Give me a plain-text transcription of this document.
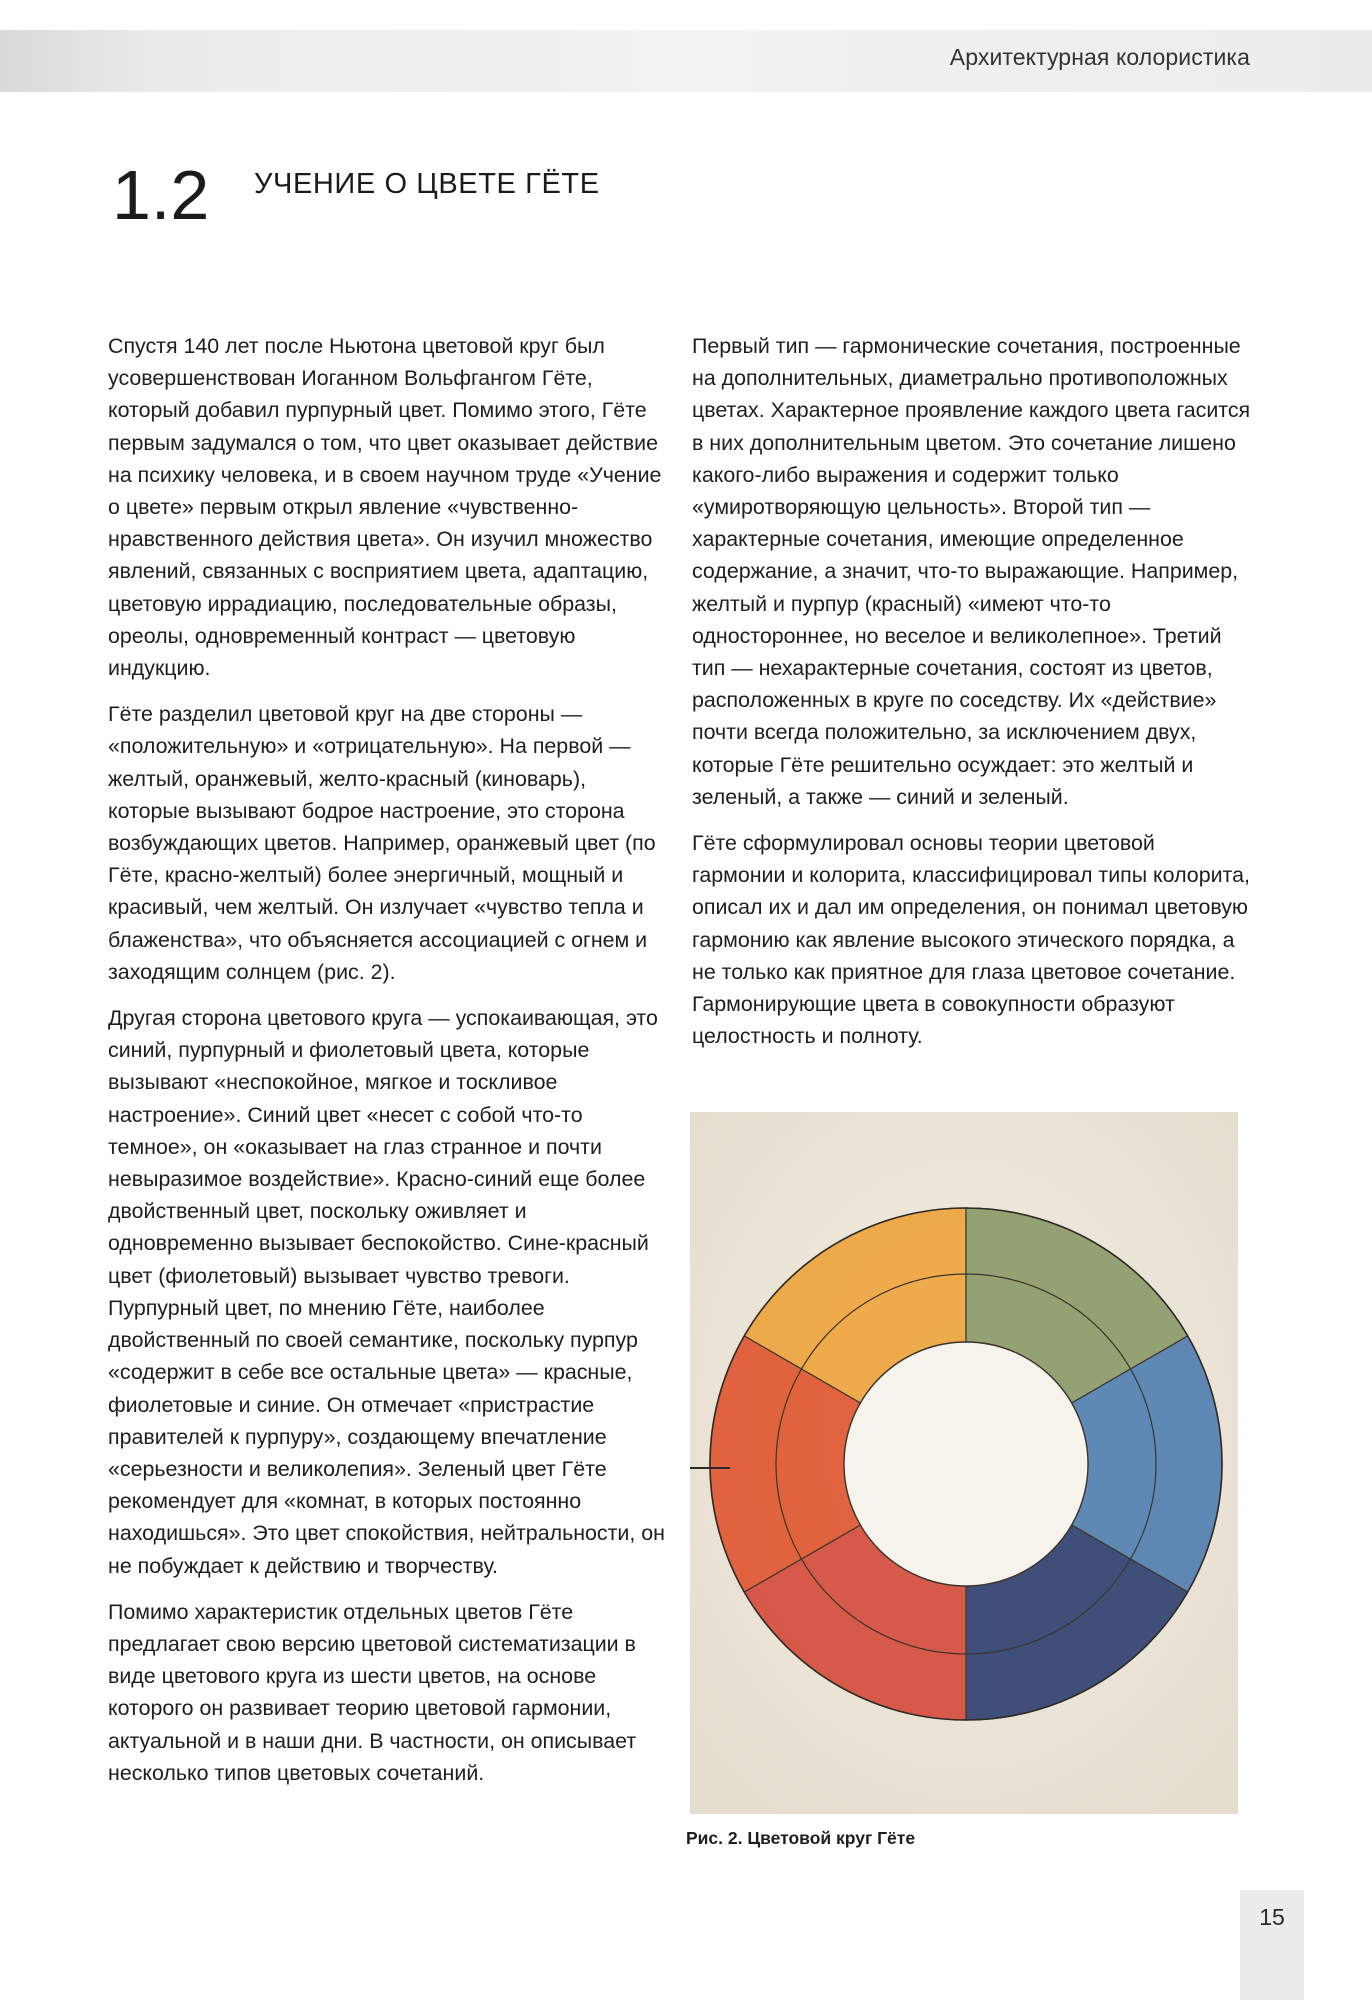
Архитектурная колористика
1.2 УЧЕНИЕ О ЦВЕТЕ ГЁТЕ

Спустя 140 лет после Ньютона цветовой круг был усовершенствован Иоганном Вольфгангом Гёте, который добавил пурпурный цвет. Помимо этого, Гёте первым задумался о том, что цвет оказывает действие на психику человека, и в своем научном труде «Учение о цвете» первым открыл явление «чувственно-нравственного действия цвета». Он изучил множество явлений, связанных с восприятием цвета, адаптацию, цветовую иррадиацию, последовательные образы, ореолы, одновременный контраст — цветовую индукцию.

Гёте разделил цветовой круг на две стороны — «положительную» и «отрицательную». На первой — желтый, оранжевый, желто-красный (киноварь), которые вызывают бодрое настроение, это сторона возбуждающих цветов. Например, оранжевый цвет (по Гёте, красно-желтый) более энергичный, мощный и красивый, чем желтый. Он излучает «чувство тепла и блаженства», что объясняется ассоциацией с огнем и заходящим солнцем (рис. 2).

Другая сторона цветового круга — успокаивающая, это синий, пурпурный и фиолетовый цвета, которые вызывают «неспокойное, мягкое и тоскливое настроение». Синий цвет «несет с собой что-то темное», он «оказывает на глаз странное и почти невыразимое воздействие». Красно-синий еще более двойственный цвет, поскольку оживляет и одновременно вызывает беспокойство. Сине-красный цвет (фиолетовый) вызывает чувство тревоги. Пурпурный цвет, по мнению Гёте, наиболее двойственный по своей семантике, поскольку пурпур «содержит в себе все остальные цвета» — красные, фиолетовые и синие. Он отмечает «пристрастие правителей к пурпуру», создающему впечатление «серьезности и великолепия». Зеленый цвет Гёте рекомендует для «комнат, в которых постоянно находишься». Это цвет спокойствия, нейтральности, он не побуждает к действию и творчеству.

Помимо характеристик отдельных цветов Гёте предлагает свою версию цветовой систематизации в виде цветового круга из шести цветов, на основе которого он развивает теорию цветовой гармонии, актуальной и в наши дни. В частности, он описывает несколько типов цветовых сочетаний.

Первый тип — гармонические сочетания, построенные на дополнительных, диаметрально противоположных цветах. Характерное проявление каждого цвета гасится в них дополнительным цветом. Это сочетание лишено какого-либо выражения и содержит только «умиротворяющую цельность». Второй тип — характерные сочетания, имеющие определенное содержание, а значит, что-то выражающие. Например, желтый и пурпур (красный) «имеют что-то одностороннее, но веселое и великолепное». Третий тип — нехарактерные сочетания, состоят из цветов, расположенных в круге по соседству. Их «действие» почти всегда положительно, за исключением двух, которые Гёте решительно осуждает: это желтый и зеленый, а также — синий и зеленый.

Гёте сформулировал основы теории цветовой гармонии и колорита, классифицировал типы колорита, описал их и дал им определения, он понимал цветовую гармонию как явление высокого этического порядка, а не только как приятное для глаза цветовое сочетание. Гармонирующие цвета в совокупности образуют целостность и полноту.

Рис. 2. Цветовой круг Гёте
15
